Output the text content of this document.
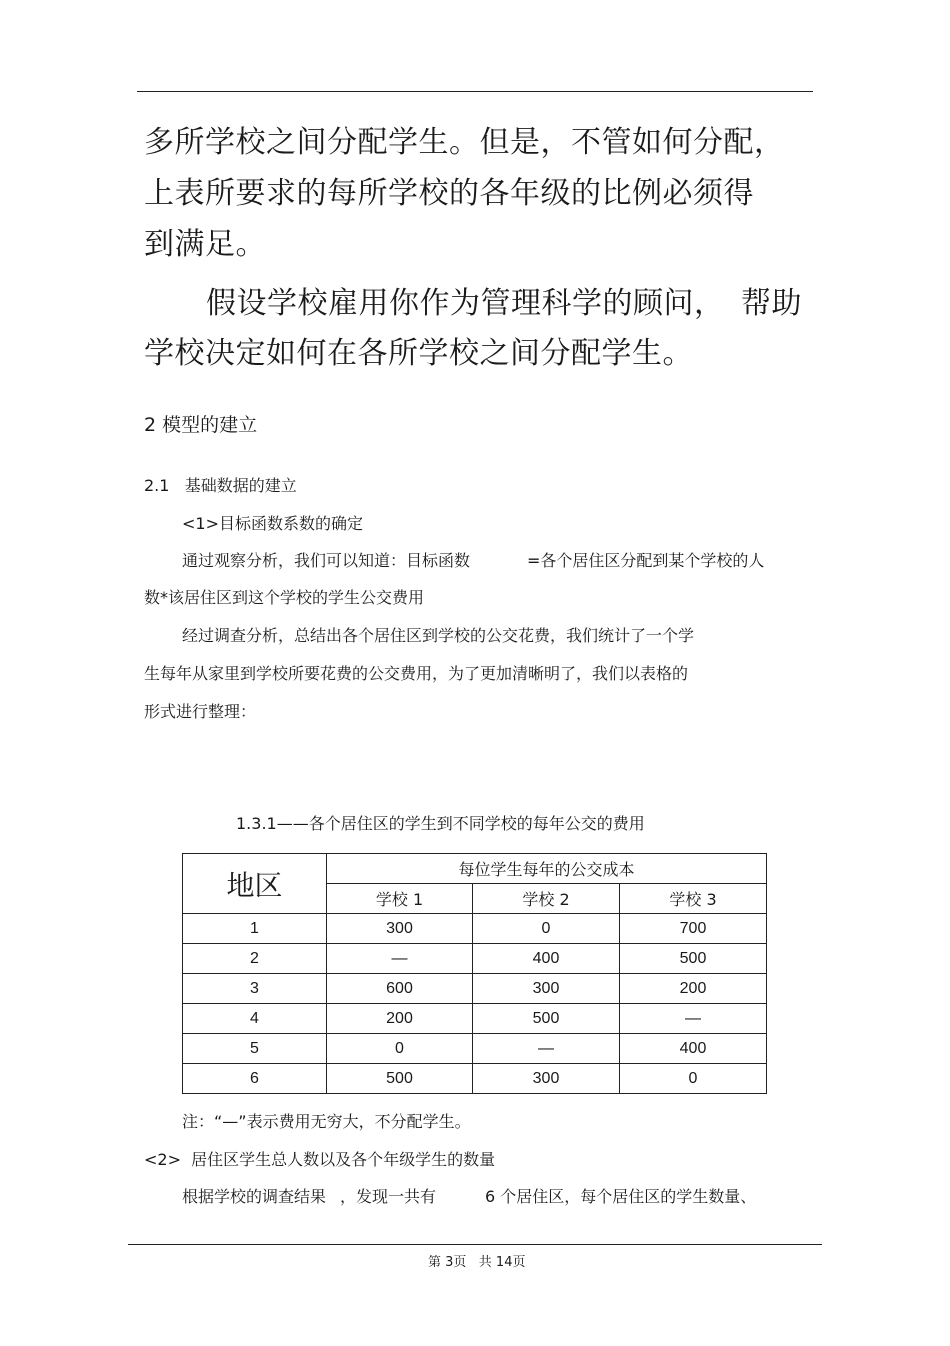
多所学校之间分配学生。但是，不管如何分配，
上表所要求的每所学校的各年级的比例必须得
到满足。
假设学校雇用你作为管理科学的顾问， 帮助
学校决定如何在各所学校之间分配学生。
2 模型的建立
2.1   基础数据的建立
<1>目标函数系数的确定
通过观察分析，我们可以知道：目标函数	=各个居住区分配到某个学校的人
数*该居住区到这个学校的学生公交费用
经过调查分析，总结出各个居住区到学校的公交花费，我们统计了一个学
生每年从家里到学校所要花费的公交费用，为了更加清晰明了，我们以表格的
形式进行整理：
1.3.1——各个居住区的学生到不同学校的每年公交的费用
地区	每位学生每年的公交成本		
	学校 1	学校 2	学校 3
1	300	0	700
2	—	400	500
3	600	300	200
4	200	500	—
5	0	—	400
6	500	300	0
注：“—”表示费用无穷大，不分配学生。
<2>  居住区学生总人数以及各个年级学生的数量
根据学校的调查结果 ，发现一共有	6 个居住区，每个居住区的学生数量、
第 3页   共 14页
